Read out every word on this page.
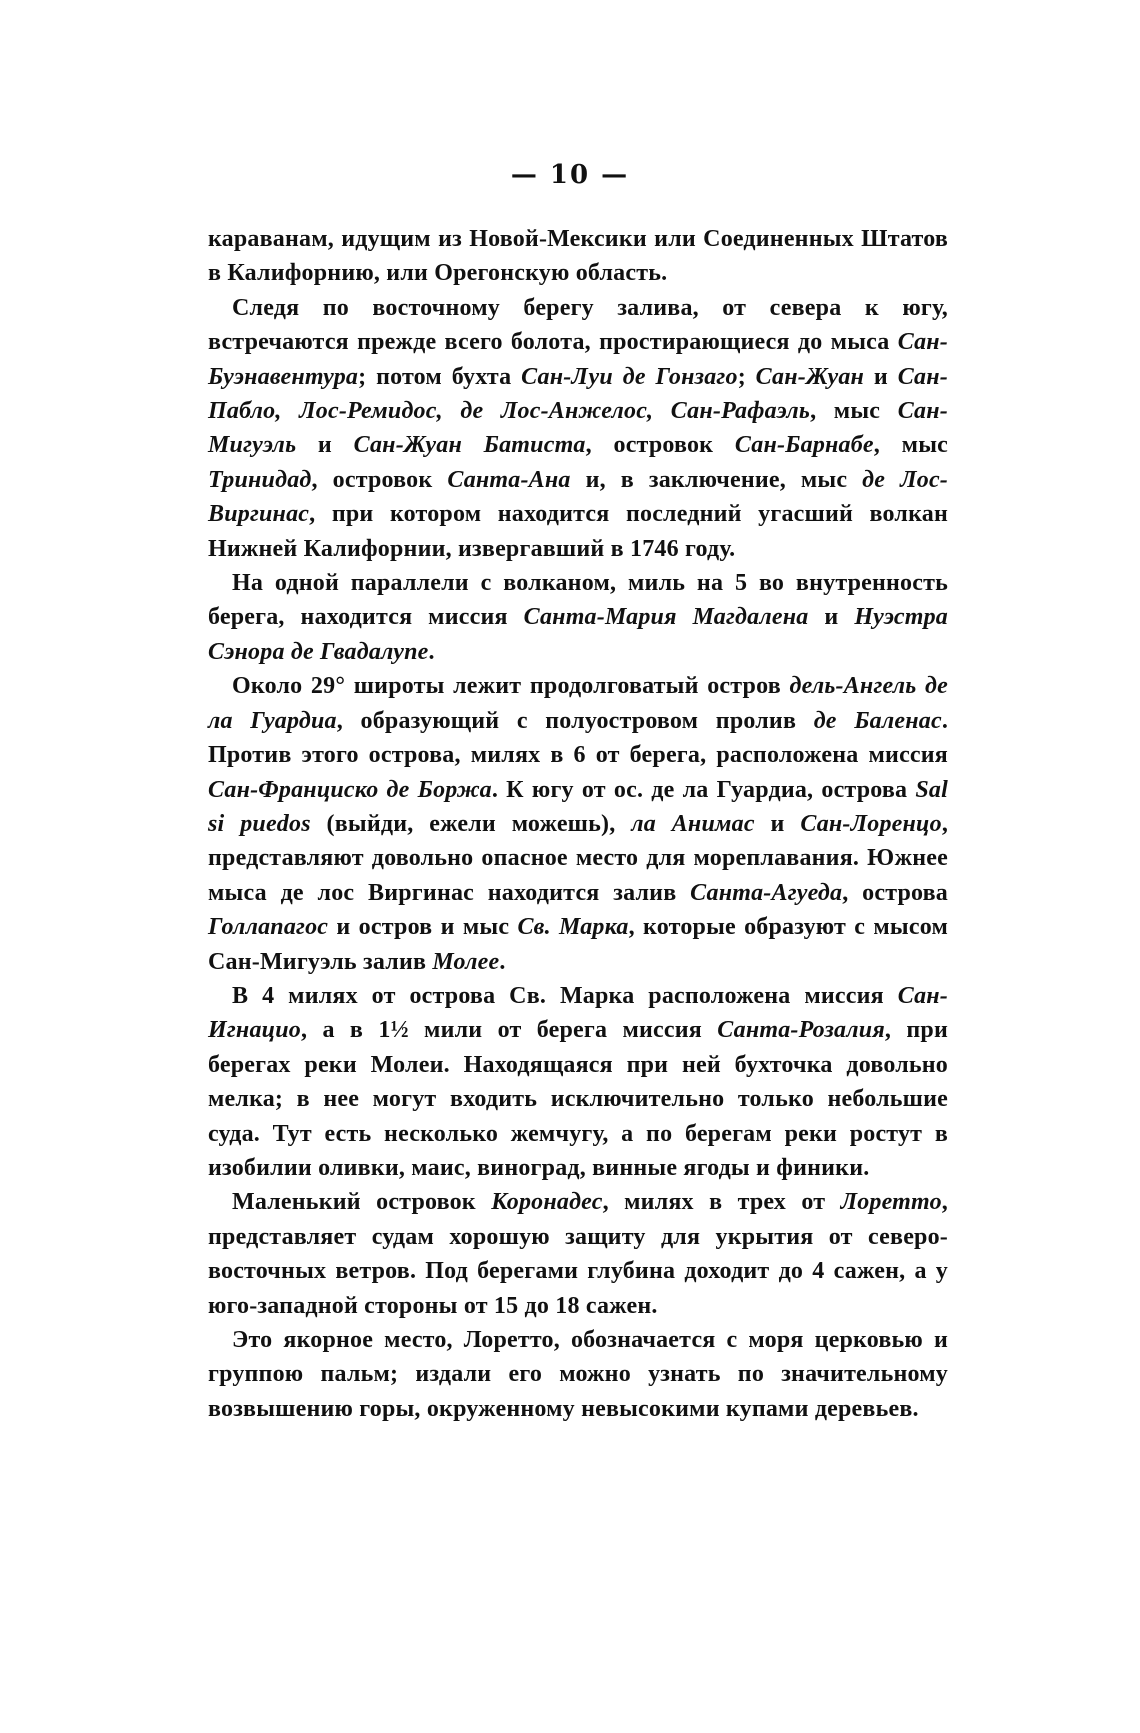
— 10 —

караванам, идущим из Новой-Мексики или Соединенных Штатов в Калифорнию, или Орегонскую область.

Следя по восточному берегу залива, от севера к югу, встречаются прежде всего болота, простирающиеся до мыса Сан-Буэнавентура; потом бухта Сан-Луи де Гонзаго; Сан-Жуан и Сан-Пабло, Лос-Ремидос, де Лос-Анжелос, Сан-Рафаэль, мыс Сан-Мигуэль и Сан-Жуан Батиста, островок Сан-Барнабе, мыс Тринидад, островок Санта-Ана и, в заключение, мыс де Лос-Виргинас, при котором находится последний угасший волкан Нижней Калифорнии, извергавший в 1746 году.

На одной параллели с волканом, миль на 5 во внутренность берега, находится миссия Санта-Мария Магдалена и Нуэстра Сэнора де Гвадалупе.

Около 29° широты лежит продолговатый остров дель-Ангель де ла Гуардиа, образующий с полуостровом пролив де Баленас. Против этого острова, милях в 6 от берега, расположена миссия Сан-Франциско де Боржа. К югу от ос. де ла Гуардиа, острова Sal si puedos (выйди, ежели можешь), ла Анимас и Сан-Лоренцо, представляют довольно опасное место для мореплавания. Южнее мыса де лос Виргинас находится залив Санта-Агуеда, острова Голлапагос и остров и мыс Св. Марка, которые образуют с мысом Сан-Мигуэль залив Молее.

В 4 милях от острова Св. Марка расположена миссия Сан-Игнацио, а в 1½ мили от берега миссия Санта-Розалия, при берегах реки Молеи. Находящаяся при ней бухточка довольно мелка; в нее могут входить исключительно только небольшие суда. Тут есть несколько жемчугу, а по берегам реки ростут в изобилии оливки, маис, виноград, винные ягоды и финики.

Маленький островок Коронадес, милях в трех от Лоретто, представляет судам хорошую защиту для укрытия от северо-восточных ветров. Под берегами глубина доходит до 4 сажен, а у юго-западной стороны от 15 до 18 сажен.

Это якорное место, Лоретто, обозначается с моря церковью и группою пальм; издали его можно узнать по значительному возвышению горы, окруженному невысокими купами деревьев.
